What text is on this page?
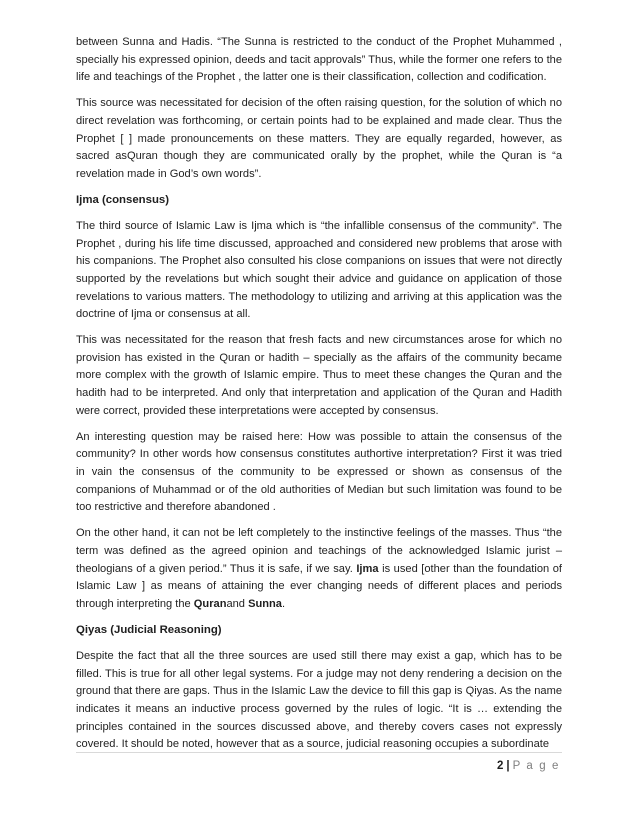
between Sunna and Hadis. “The Sunna is restricted to the conduct of the Prophet Muhammed , specially his expressed opinion, deeds and tacit approvals” Thus, while the former one refers to the life and teachings of the Prophet , the latter one is their classification, collection and codification.

This source was necessitated for decision of the often raising question, for the solution of which no direct revelation was forthcoming, or certain points had to be explained and made clear. Thus the Prophet [ ] made pronouncements on these matters. They are equally regarded, however, as sacred asQuran though they are communicated orally by the prophet, while the Quran is “a revelation made in God’s own words”.

Ijma (consensus)

The third source of Islamic Law is Ijma which is “the infallible consensus of the community”. The Prophet , during his life time discussed, approached and considered new problems that arose with his companions. The Prophet also consulted his close companions on issues that were not directly supported by the revelations but which sought their advice and guidance on application of those revelations to various matters. The methodology to utilizing and arriving at this application was the doctrine of Ijma or consensus at all.

This was necessitated for the reason that fresh facts and new circumstances arose for which no provision has existed in the Quran or hadith – specially as the affairs of the community became more complex with the growth of Islamic empire. Thus to meet these changes the Quran and the hadith had to be interpreted. And only that interpretation and application of the Quran and Hadith were correct, provided these interpretations were accepted by consensus.

An interesting question may be raised here: How was possible to attain the consensus of the community? In other words how consensus constitutes authortive interpretation? First it was tried in vain the consensus of the community to be expressed or shown as consensus of the companions of Muhammad or of the old authorities of Median but such limitation was found to be too restrictive and therefore abandoned .

On the other hand, it can not be left completely to the instinctive feelings of the masses. Thus “the term was defined as the agreed opinion and teachings of the acknowledged Islamic jurist – theologians of a given period.” Thus it is safe, if we say. Ijma is used [other than the foundation of Islamic Law ] as means of attaining the ever changing needs of different places and periods through interpreting the Quranand Sunna.

Qiyas (Judicial Reasoning)

Despite the fact that all the three sources are used still there may exist a gap, which has to be filled. This is true for all other legal systems. For a judge may not deny rendering a decision on the ground that there are gaps. Thus in the Islamic Law the device to fill this gap is Qiyas. As the name indicates it means an inductive process governed by the rules of logic. “It is … extending the principles contained in the sources discussed above, and thereby covers cases not expressly covered. It should be noted, however that as a source, judicial reasoning occupies a subordinate

2 | P a g e
